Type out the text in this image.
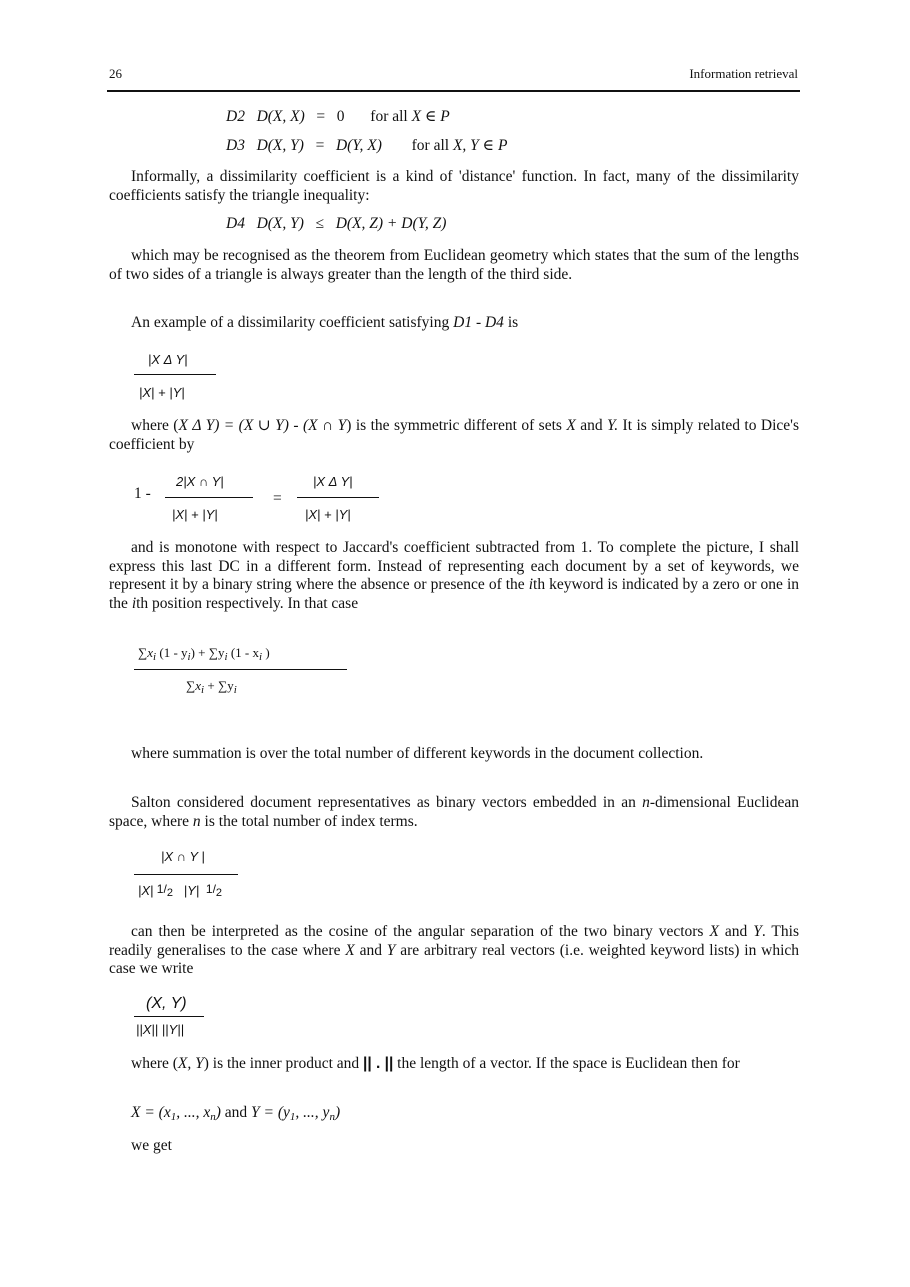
26	Information retrieval
D2 D(X, X) = 0 for all X ∈ P
D3 D(X, Y) = D(Y, X) for all X, Y ∈ P
Informally, a dissimilarity coefficient is a kind of 'distance' function. In fact, many of the dissimilarity coefficients satisfy the triangle inequality:
D4 D(X, Y) ≤ D(X, Z) + D(Y, Z)
which may be recognised as the theorem from Euclidean geometry which states that the sum of the lengths of two sides of a triangle is always greater than the length of the third side.
An example of a dissimilarity coefficient satisfying D1 - D4 is
|X Δ Y|
|X| + |Y|
where (X Δ Y) = (X ∪ Y) - (X ∩ Y) is the symmetric different of sets X and Y. It is simply related to Dice's coefficient by
1 -
2|X ∩ Y|
|X| + |Y|
=
|X Δ Y|
|X| + |Y|
and is monotone with respect to Jaccard's coefficient subtracted from 1. To complete the picture, I shall express this last DC in a different form. Instead of representing each document by a set of keywords, we represent it by a binary string where the absence or presence of the ith keyword is indicated by a zero or one in the ith position respectively. In that case
$\sum x_i$ $(1 - y_i) + \sum y_i$ ($1 - x_i$ )
$\sum x_i + \sum y_i$
where summation is over the total number of different keywords in the document collection.
Salton considered document representatives as binary vectors embedded in an n-dimensional Euclidean space, where n is the total number of index terms.
|X ∩ Y |
|X| $1/_2$ |Y| $1/_2$
can then be interpreted as the cosine of the angular separation of the two binary vectors X and Y. This readily generalises to the case where X and Y are arbitrary real vectors (i.e. weighted keyword lists) in which case we write
(X, Y)
||X|| ||Y||
where (X, Y) is the inner product and || . || the length of a vector. If the space is Euclidean then for
$X = (x_1$, ..., $x_n$) and $Y = (y_1$, ..., $y_n$)
we get
